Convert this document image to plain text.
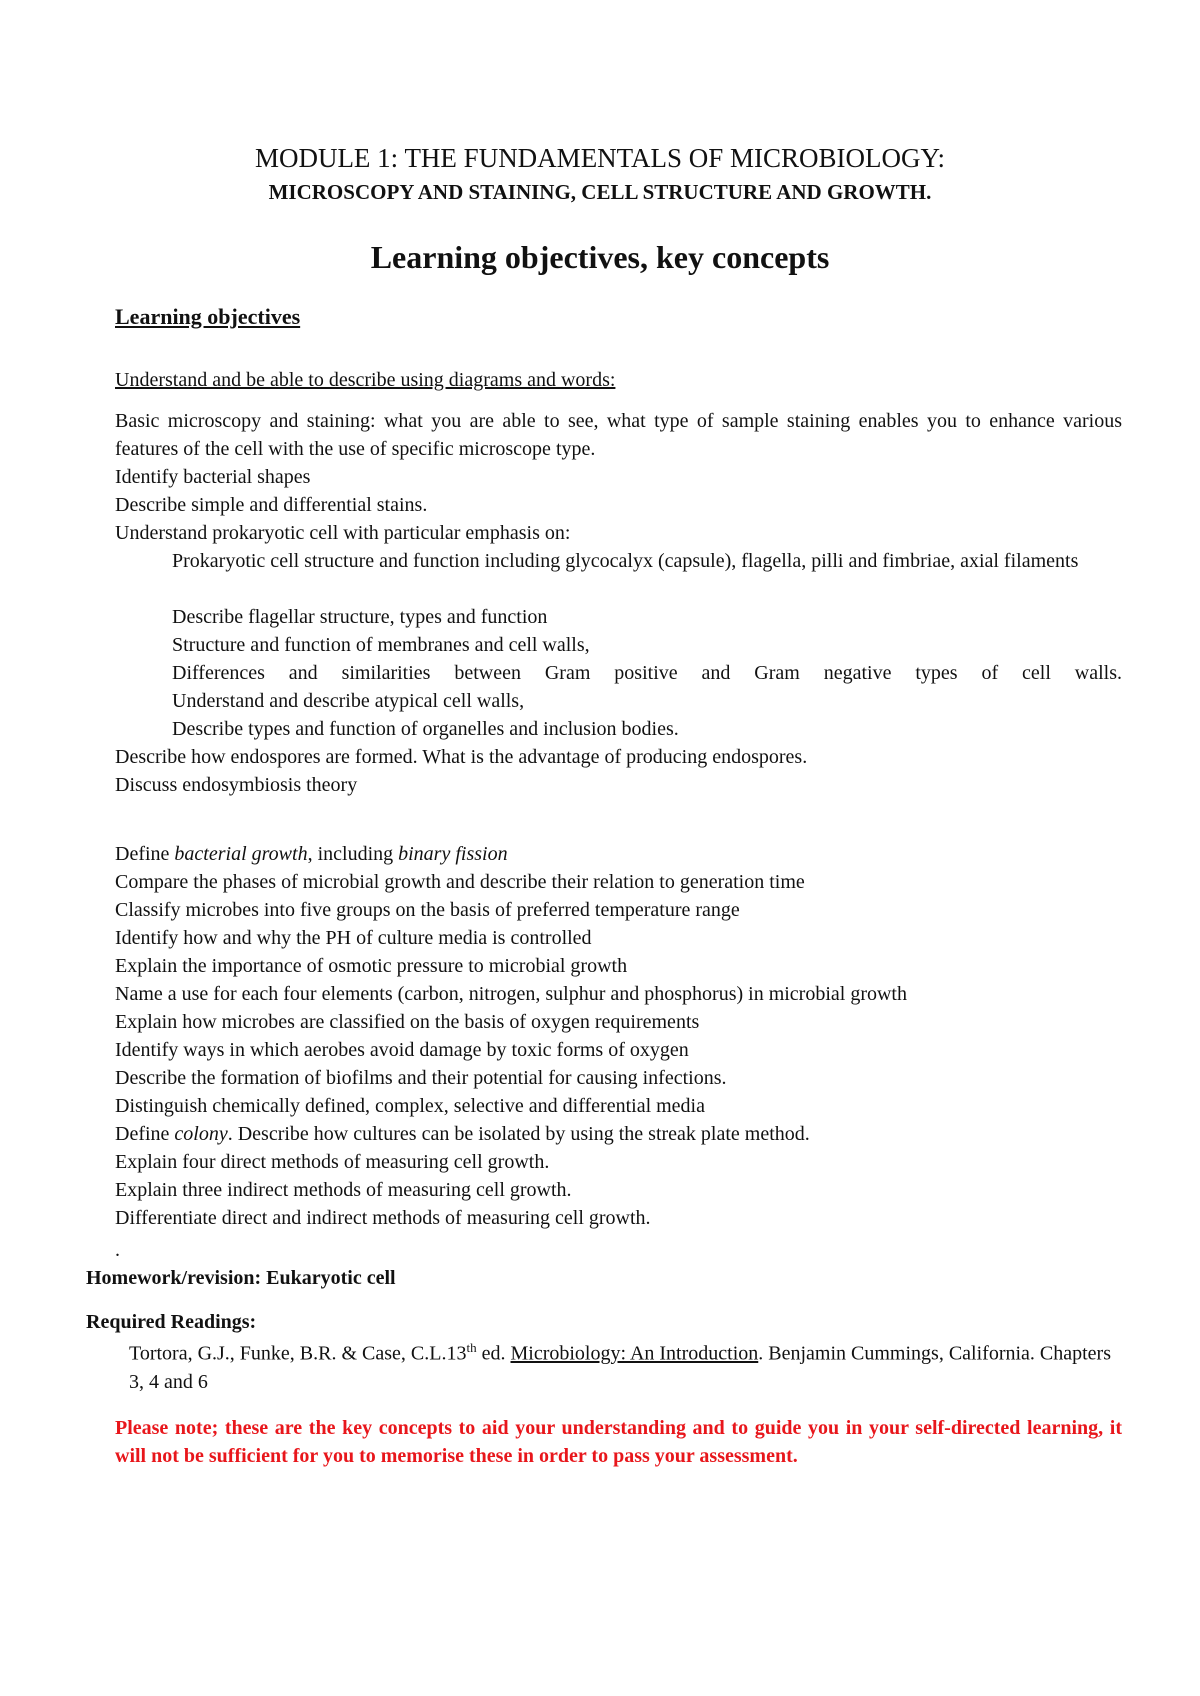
MODULE 1: THE FUNDAMENTALS OF MICROBIOLOGY:
MICROSCOPY AND STAINING, CELL STRUCTURE AND GROWTH.
Learning objectives, key concepts
Learning objectives
Understand and be able to describe using diagrams and words:
Basic microscopy and staining: what you are able to see, what type of sample staining enables you to enhance various features of the cell with the use of specific microscope type.
Identify bacterial shapes
Describe simple and differential stains.
Understand prokaryotic cell with particular emphasis on:
Prokaryotic cell structure and function including glycocalyx (capsule), flagella, pilli and fimbriae, axial filaments
Describe flagellar structure, types and function
Structure and function of membranes and cell walls,
Differences and similarities between Gram positive and Gram negative types of cell walls.
Understand and describe atypical cell walls,
Describe types and function of organelles and inclusion bodies.
Describe how endospores are formed. What is the advantage of producing endospores.
Discuss endosymbiosis theory
Define bacterial growth, including binary fission
Compare the phases of microbial growth and describe their relation to generation time
Classify microbes into five groups on the basis of preferred temperature range
Identify how and why the PH of culture media is controlled
Explain the importance of osmotic pressure to microbial growth
Name a use for each four elements (carbon, nitrogen, sulphur and phosphorus) in microbial growth
Explain how microbes are classified on the basis of oxygen requirements
Identify ways in which aerobes avoid damage by toxic forms of oxygen
Describe the formation of biofilms and their potential for causing infections.
Distinguish chemically defined, complex, selective and differential media
Define colony. Describe how cultures can be isolated by using the streak plate method.
Explain four direct methods of measuring cell growth.
Explain three indirect methods of measuring cell growth.
Differentiate direct and indirect methods of measuring cell growth.
.
Homework/revision: Eukaryotic cell
Required Readings:
Tortora, G.J., Funke, B.R. & Case, C.L.13th ed. Microbiology: An Introduction. Benjamin Cummings, California. Chapters 3, 4 and 6
Please note; these are the key concepts to aid your understanding and to guide you in your self-directed learning, it will not be sufficient for you to memorise these in order to pass your assessment.
